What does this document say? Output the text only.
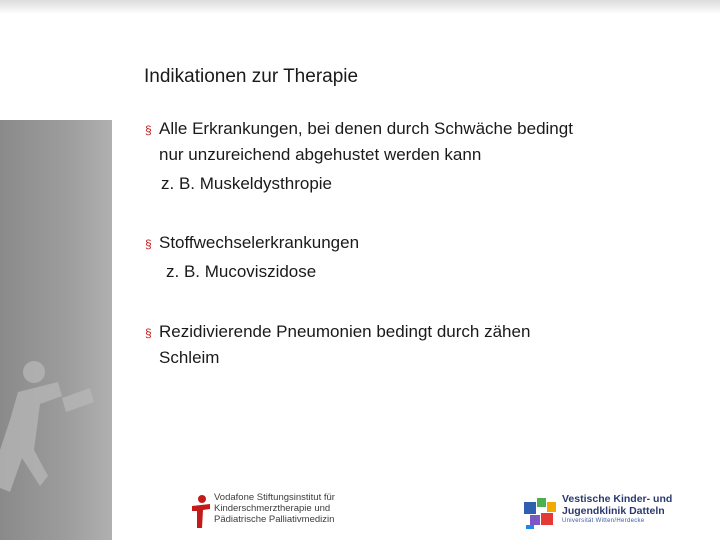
Indikationen zur Therapie
§ Alle Erkrankungen, bei denen durch Schwäche bedingt
nur unzureichend abgehustet werden kann
z. B. Muskeldysthropie
§ Stoffwechselerkrankungen
z. B. Mucoviszidose
§ Rezidivierende Pneumonien bedingt durch zähen
Schleim
Vodafone Stiftungsinstitut für
Kinderschmerztherapie und
Pädiatrische Palliativmedizin
Vestische Kinder- und
Jugendklinik Datteln
Universität Witten/Herdecke
